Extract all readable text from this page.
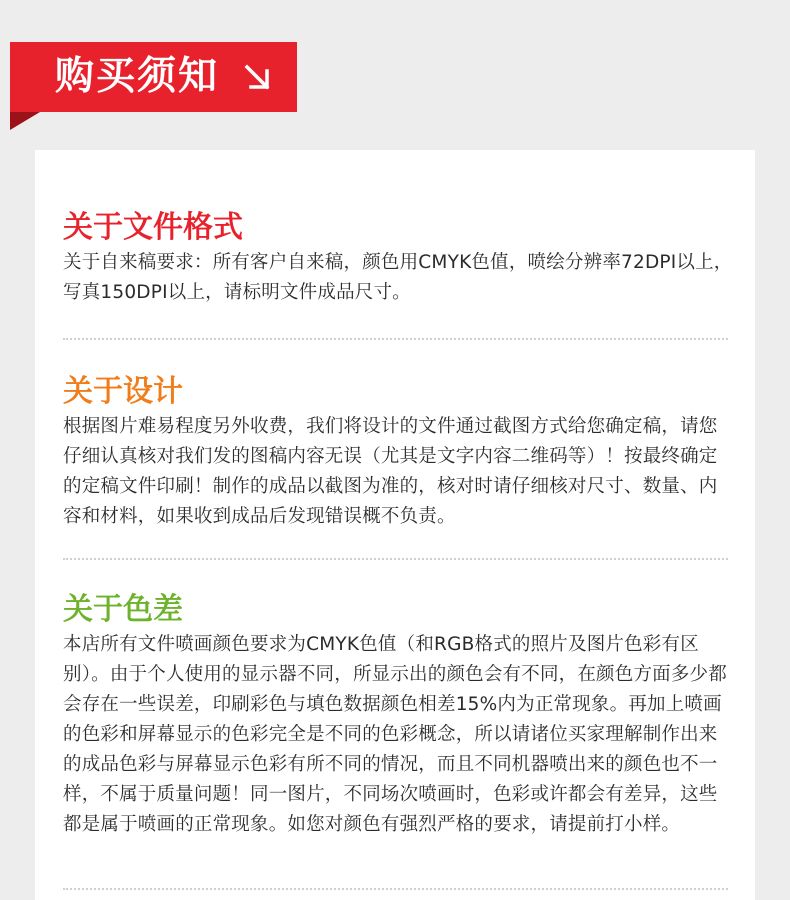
购买须知
关于文件格式
关于自来稿要求：所有客户自来稿，颜色用CMYK色值，喷绘分辨率72DPI以上，写真150DPI以上，请标明文件成品尺寸。
关于设计
根据图片难易程度另外收费，我们将设计的文件通过截图方式给您确定稿，请您仔细认真核对我们发的图稿内容无误（尤其是文字内容二维码等）！按最终确定的定稿文件印刷！制作的成品以截图为准的，核对时请仔细核对尺寸、数量、内容和材料，如果收到成品后发现错误概不负责。
关于色差
本店所有文件喷画颜色要求为CMYK色值（和RGB格式的照片及图片色彩有区别）。由于个人使用的显示器不同，所显示出的颜色会有不同，在颜色方面多少都会存在一些误差，印刷彩色与填色数据颜色相差15%内为正常现象。再加上喷画的色彩和屏幕显示的色彩完全是不同的色彩概念，所以请诸位买家理解制作出来的成品色彩与屏幕显示色彩有所不同的情况，而且不同机器喷出来的颜色也不一样，不属于质量问题！同一图片，不同场次喷画时，色彩或许都会有差异，这些都是属于喷画的正常现象。如您对颜色有强烈严格的要求，请提前打小样。
